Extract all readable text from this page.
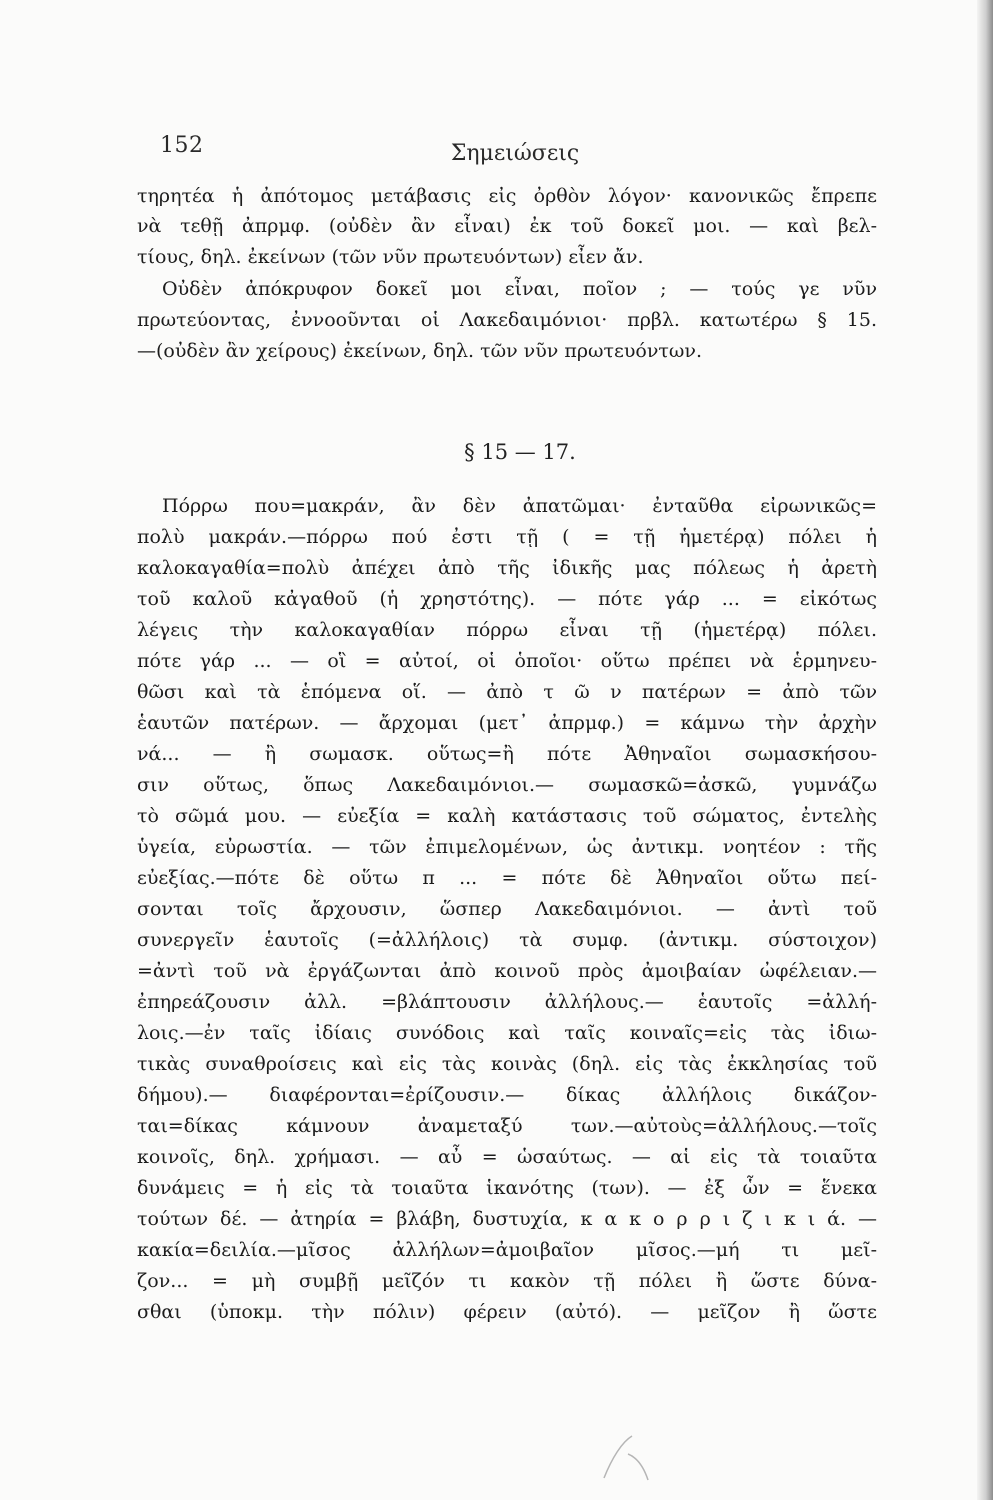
152	Σημειώσεις
τηρητέα ἡ ἀπότομος μετάβασις εἰς ὀρθὸν λόγον· κανονικῶς ἔπρεπε
νὰ τεθῇ ἀπρμφ. (οὐδὲν ἂν εἶναι) ἐκ τοῦ δοκεῖ μοι. — καὶ βελ-
τίους, δηλ. ἐκείνων (τῶν νῦν πρωτευόντων) εἶεν ἄν.
Οὐδὲν ἀπόκρυφον δοκεῖ μοι εἶναι, ποῖον ; — τούς γε νῦν
πρωτεύοντας, ἐννοοῦνται οἱ Λακεδαιμόνιοι· πρβλ. κατωτέρω § 15.
—(οὐδὲν ἂν χείρους) ἐκείνων, δηλ. τῶν νῦν πρωτευόντων.
§ 15 — 17.
Πόρρω που=μακράν, ἂν δὲν ἀπατῶμαι· ἐνταῦθα εἰρωνικῶς=
πολὺ μακράν.—πόρρω πού ἐστι τῇ ( = τῇ ἡμετέρᾳ) πόλει ἡ
καλοκαγαθία=πολὺ ἀπέχει ἀπὸ τῆς ἰδικῆς μας πόλεως ἡ ἀρετὴ
τοῦ καλοῦ κἀγαθοῦ (ἡ χρηστότης). — πότε γάρ ... = εἰκότως
λέγεις τὴν καλοκαγαθίαν πόρρω εἶναι τῇ (ἡμετέρᾳ) πόλει.
πότε γάρ ... — οἳ = αὐτοί, οἱ ὁποῖοι· οὕτω πρέπει νὰ ἑρμηνευ-
θῶσι καὶ τὰ ἑπόμενα οἵ. — ἀπὸ τ ῶ ν πατέρων = ἀπὸ τῶν
ἑαυτῶν πατέρων. — ἄρχομαι (μετ᾽ ἀπρμφ.) = κάμνω τὴν ἀρχὴν
νά... — ἢ σωμασκ. οὕτως=ἢ πότε Ἀθηναῖοι σωμασκήσου-
σιν οὕτως, ὅπως Λακεδαιμόνιοι.— σωμασκῶ=ἀσκῶ, γυμνάζω
τὸ σῶμά μου. — εὐεξία = καλὴ κατάστασις τοῦ σώματος, ἐντελὴς
ὑγεία, εὐρωστία. — τῶν ἐπιμελομένων, ὡς ἀντικμ. νοητέον : τῆς
εὐεξίας.—πότε δὲ οὕτω π ... = πότε δὲ Ἀθηναῖοι οὕτω πεί-
σονται τοῖς ἄρχουσιν, ὥσπερ Λακεδαιμόνιοι. — ἀντὶ τοῦ
συνεργεῖν ἑαυτοῖς (=ἀλλήλοις) τὰ συμφ. (ἀντικμ. σύστοιχον)
=ἀντὶ τοῦ νὰ ἐργάζωνται ἀπὸ κοινοῦ πρὸς ἀμοιβαίαν ὠφέλειαν.—
ἐπηρεάζουσιν ἀλλ. =βλάπτουσιν ἀλλήλους.— ἑαυτοῖς =ἀλλή-
λοις.—ἐν ταῖς ἰδίαις συνόδοις καὶ ταῖς κοιναῖς=εἰς τὰς ἰδιω-
τικὰς συναθροίσεις καὶ εἰς τὰς κοινὰς (δηλ. εἰς τὰς ἐκκλησίας τοῦ
δήμου).— διαφέρονται=ἐρίζουσιν.— δίκας ἀλλήλοις δικάζον-
ται=δίκας κάμνουν ἀναμεταξύ των.—αὐτοὺς=ἀλλήλους.—τοῖς
κοινοῖς, δηλ. χρήμασι. — αὖ = ὡσαύτως. — αἱ εἰς τὰ τοιαῦτα
δυνάμεις = ἡ εἰς τὰ τοιαῦτα ἱκανότης (των). — ἐξ ὧν = ἕνεκα
τούτων δέ. — ἀτηρία = βλάβη, δυστυχία, κ α κ ο ρ ρ ι ζ ι κ ι ά. —
κακία=δειλία.—μῖσος ἀλλήλων=ἀμοιβαῖον μῖσος.—μή τι μεῖ-
ζον... = μὴ συμβῇ μεῖζόν τι κακὸν τῇ πόλει ἢ ὥστε δύνα-
σθαι (ὑποκμ. τὴν πόλιν) φέρειν (αὐτό). — μεῖζον ἢ ὥστε
